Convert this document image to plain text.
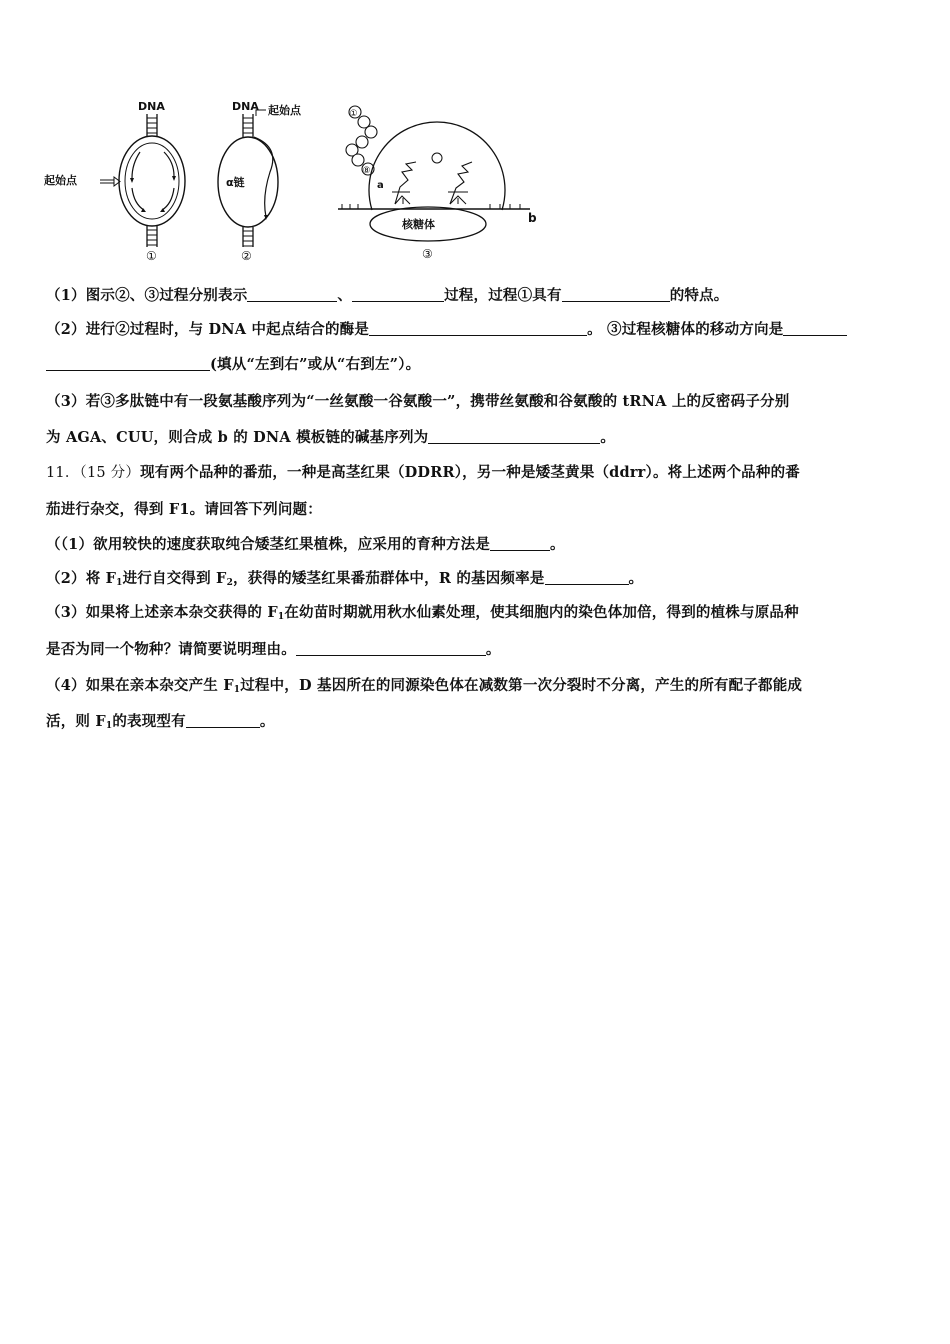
DNA
起始点
①
DNA 起始点
α链
②
①
⑧
核糖体
a
b
③
（1）图示②、③过程分别表示	、	过程，过程①具有	的特点。
（2）进行②过程时，与 DNA 中起点结合的酶是	。 ③过程核糖体的移动方向是
(填从“左到右”或从“右到左”）。
（3）若③多肽链中有一段氨基酸序列为“一丝氨酸一谷氨酸一”，携带丝氨酸和谷氨酸的 tRNA 上的反密码子分别
为 AGA、CUU，则合成 b 的 DNA 模板链的碱基序列为	。
11．（15 分）现有两个品种的番茄，一种是高茎红果（DDRR），另一种是矮茎黄果（ddrr）。将上述两个品种的番
茄进行杂交，得到 F1。请回答下列问题：
（（1）欲用较快的速度获取纯合矮茎红果植株，应采用的育种方法是	。
（2）将 $F_1$进行自交得到 $F_2$，获得的矮茎红果番茄群体中，R 的基因频率是	。
（3）如果将上述亲本杂交获得的 $F_1$在幼苗时期就用秋水仙素处理，使其细胞内的染色体加倍，得到的植株与原品种
是否为同一个物种？请简要说明理由。	。
（4）如果在亲本杂交产生 $F_1$过程中，D 基因所在的同源染色体在减数第一次分裂时不分离，产生的所有配子都能成
活，则 $F_1$的表现型有	。
